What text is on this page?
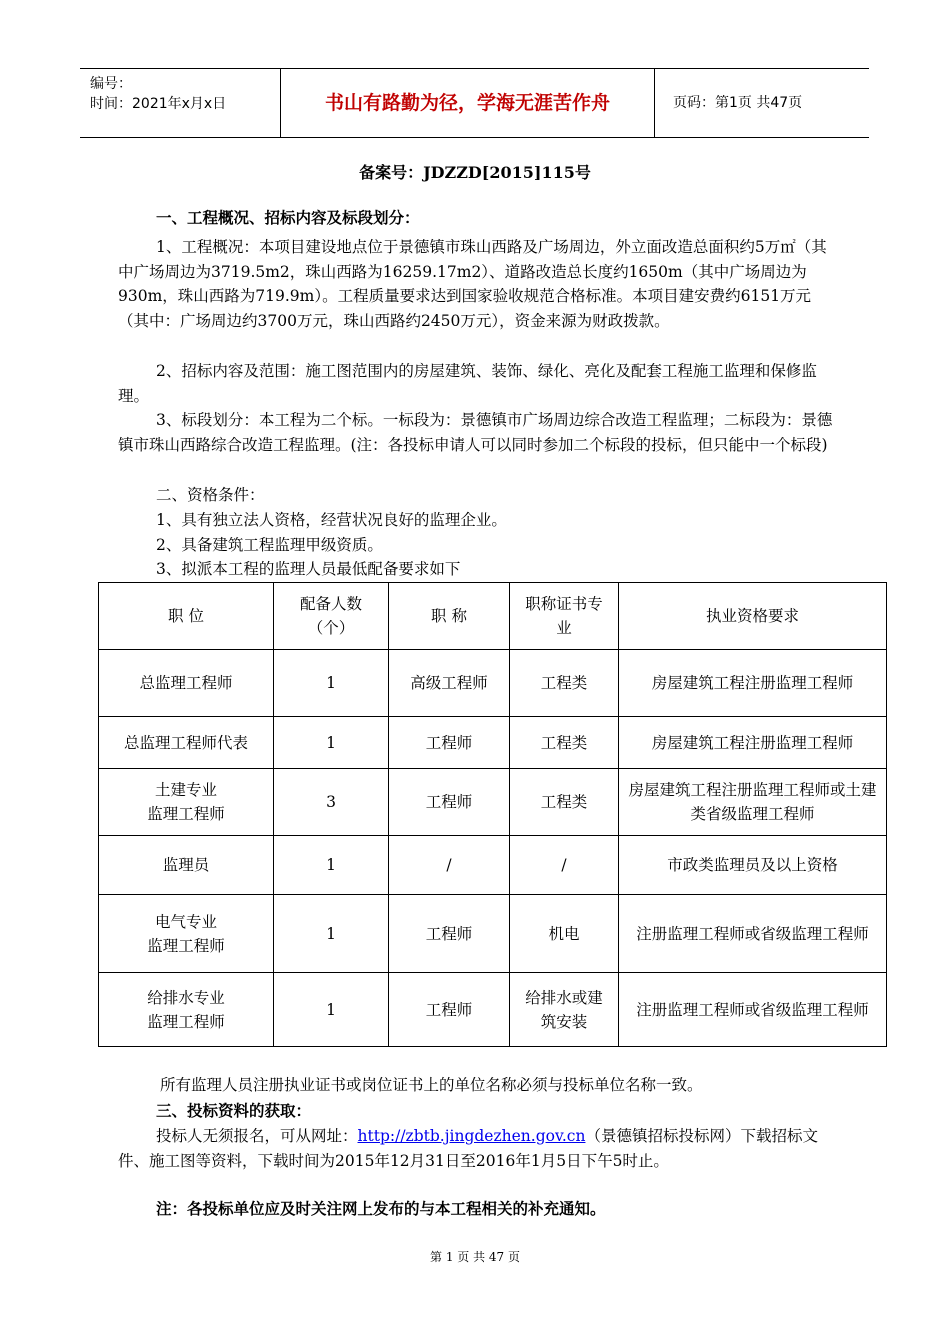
编号：
时间：2021年x月x日	书山有路勤为径，学海无涯苦作舟	页码：第1页 共47页
备案号：JDZZD[2015]115号
一、工程概况、招标内容及标段划分：
1、工程概况：本项目建设地点位于景德镇市珠山西路及广场周边，外立面改造总面积约5万㎡（其中广场周边为3719.5m2，珠山西路为16259.17m2）、道路改造总长度约1650m（其中广场周边为930m，珠山西路为719.9m）。工程质量要求达到国家验收规范合格标准。本项目建安费约6151万元（其中：广场周边约3700万元，珠山西路约2450万元），资金来源为财政拨款。
2、招标内容及范围：施工图范围内的房屋建筑、装饰、绿化、亮化及配套工程施工监理和保修监理。
3、标段划分：本工程为二个标。一标段为：景德镇市广场周边综合改造工程监理；二标段为：景德镇市珠山西路综合改造工程监理。(注：各投标申请人可以同时参加二个标段的投标，但只能中一个标段)
二、资格条件：
1、具有独立法人资格，经营状况良好的监理企业。
2、具备建筑工程监理甲级资质。
3、拟派本工程的监理人员最低配备要求如下
职 位	配备人数（个）	职 称	职称证书专业	执业资格要求
总监理工程师	1	高级工程师	工程类	房屋建筑工程注册监理工程师
总监理工程师代表	1	工程师	工程类	房屋建筑工程注册监理工程师
土建专业
监理工程师	3	工程师	工程类	房屋建筑工程注册监理工程师或土建类省级监理工程师
监理员	1	/	/	市政类监理员及以上资格
电气专业
监理工程师	1	工程师	机电	注册监理工程师或省级监理工程师
给排水专业
监理工程师	1	工程师	给排水或建筑安装	注册监理工程师或省级监理工程师
所有监理人员注册执业证书或岗位证书上的单位名称必须与投标单位名称一致。
三、投标资料的获取：
投标人无须报名，可从网址：http://zbtb.jingdezhen.gov.cn（景德镇招标投标网）下载招标文件、施工图等资料，下载时间为2015年12月31日至2016年1月5日下午5时止。
注：各投标单位应及时关注网上发布的与本工程相关的补充通知。
第 1 页 共 47 页
